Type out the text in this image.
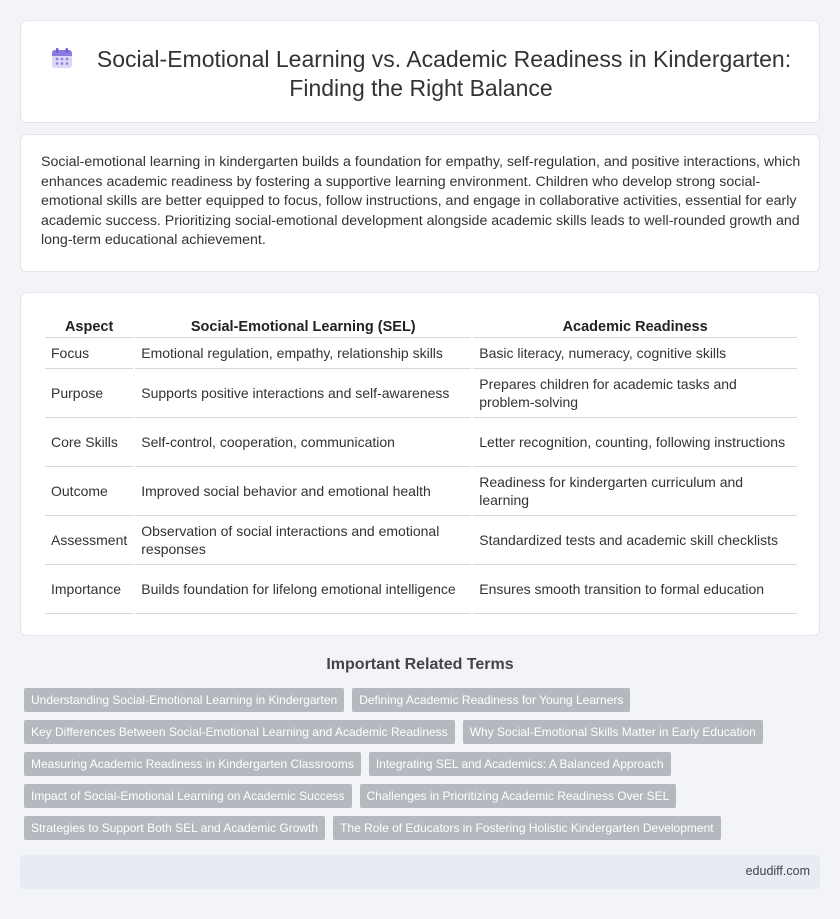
Social-Emotional Learning vs. Academic Readiness in Kindergarten: Finding the Right Balance

Social-emotional learning in kindergarten builds a foundation for empathy, self-regulation, and positive interactions, which enhances academic readiness by fostering a supportive learning environment. Children who develop strong social-emotional skills are better equipped to focus, follow instructions, and engage in collaborative activities, essential for early academic success. Prioritizing social-emotional development alongside academic skills leads to well-rounded growth and long-term educational achievement.

Aspect	Social-Emotional Learning (SEL)	Academic Readiness
Focus	Emotional regulation, empathy, relationship skills	Basic literacy, numeracy, cognitive skills
Purpose	Supports positive interactions and self-awareness	Prepares children for academic tasks and problem-solving
Core Skills	Self-control, cooperation, communication	Letter recognition, counting, following instructions
Outcome	Improved social behavior and emotional health	Readiness for kindergarten curriculum and learning
Assessment	Observation of social interactions and emotional responses	Standardized tests and academic skill checklists
Importance	Builds foundation for lifelong emotional intelligence	Ensures smooth transition to formal education
Important Related Terms
Understanding Social-Emotional Learning in Kindergarten	Defining Academic Readiness for Young Learners
Key Differences Between Social-Emotional Learning and Academic Readiness	Why Social-Emotional Skills Matter in Early Education
Measuring Academic Readiness in Kindergarten Classrooms	Integrating SEL and Academics: A Balanced Approach
Impact of Social-Emotional Learning on Academic Success	Challenges in Prioritizing Academic Readiness Over SEL
Strategies to Support Both SEL and Academic Growth	The Role of Educators in Fostering Holistic Kindergarten Development
edudiff.com
